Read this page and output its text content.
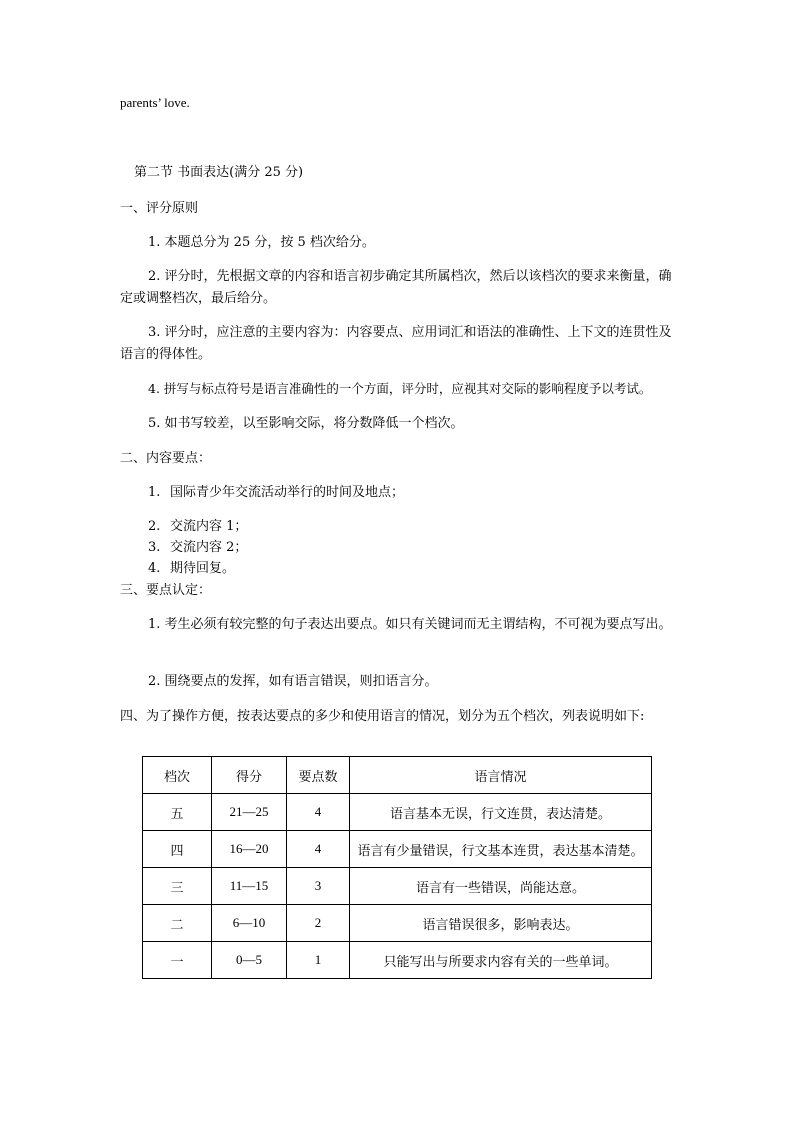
parents’ love.
第二节 书面表达(满分 25 分)
一、评分原则
1. 本题总分为 25 分，按 5 档次给分。
2. 评分时，先根据文章的内容和语言初步确定其所属档次，然后以该档次的要求来衡量，确定或调整档次，最后给分。
3. 评分时，应注意的主要内容为：内容要点、应用词汇和语法的准确性、上下文的连贯性及语言的得体性。
4. 拼写与标点符号是语言准确性的一个方面，评分时，应视其对交际的影响程度予以考试。
5. 如书写较差，以至影响交际，将分数降低一个档次。
二、内容要点：
1. 国际青少年交流活动举行的时间及地点；
2. 交流内容 1；
3. 交流内容 2；
4. 期待回复。
三、要点认定：
1. 考生必须有较完整的句子表达出要点。如只有关键词而无主谓结构，不可视为要点写出。
2. 围绕要点的发挥，如有语言错误，则扣语言分。
四、为了操作方便，按表达要点的多少和使用语言的情况，划分为五个档次，列表说明如下:
档次	得分	要点数	语言情况
五	21—25	4	语言基本无误，行文连贯，表达清楚。
四	16—20	4	语言有少量错误，行文基本连贯，表达基本清楚。
三	11—15	3	语言有一些错误，尚能达意。
二	6—10	2	语言错误很多，影响表达。
一	0—5	1	只能写出与所要求内容有关的一些单词。
